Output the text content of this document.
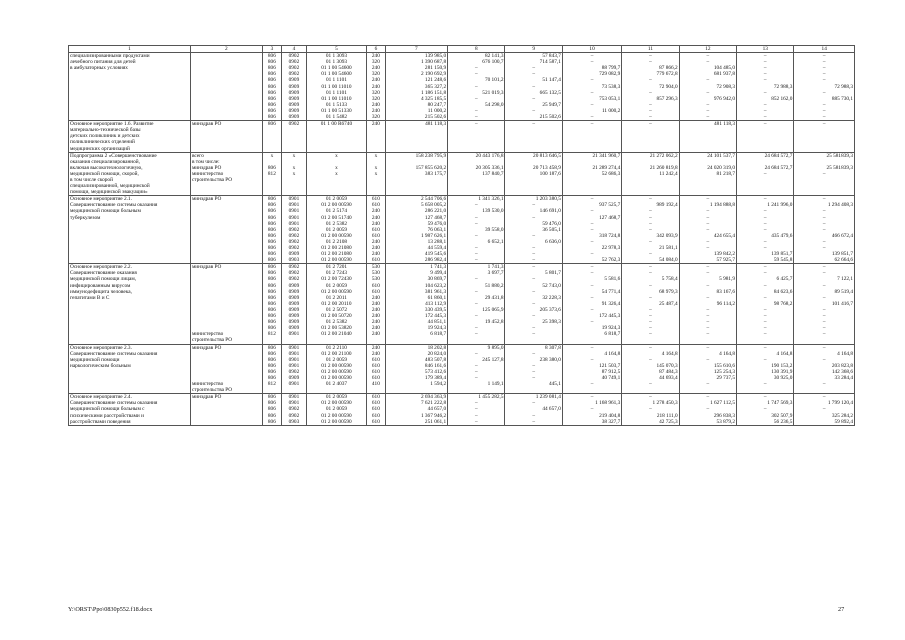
1	2	3	4	5	6	7	8	9	10	11	12	13	14
специализированными продуктами		806	0902	01 1 3093	240	139 985,0	82 141,3	57 843,7	–	–	–	–	–
лечебного питания для детей		806	0902	01 1 3093	320	1 390 687,8	676 100,7	714 587,1	–	–	–	–	–
в амбулаторных условиях		806	0902	01 1 00 54600	240	281 150,9	–	–	88 799,7	87 866,2	104 485,0	–	–
		806	0902	01 1 00 54600	320	2 190 692,9	–	–	729 082,9	779 672,8	681 937,8	–	–
		806	0909	01 1 1101	240	121 248,6	70 101,2	51 147,4	–	–	–	–	–
		806	0909	01 1 00 11010	240	365 327,2	–	–	73 538,3	72 904,0	72 908,3	72 988,3	72 988,3
		806	0909	01 1 1101	320	1 186 151,8	521 019,3	665 132,5	–	–	–	–	–
		806	0909	01 1 00 11010	320	4 325 185,5	–	–	753 053,1	857 296,3	976 942,0	852 162,0	885 730,1
		806	0909	01 1 5133	240	80 247,7	54 298,0	25 949,7	–	–	–	–	–
		806	0909	01 1 00 51330	240	11 000,2	–	–	11 000,2	–	–	–	–
		806	0909	01 1 5482	320	215 502,6	–	215 502,6	–	–	–	–	–
Основное мероприятие 1.6. Развитие	минздрав РО	806	0902	01 1 00 R6740	240	481 118,3	–	–	–	–	481 118,3	–	–
материально-технической базы													
детских поликлиник и детских													
поликлинических отделений													
медицинских организаций													
Подпрограмма 2 «Совершенствование	всего	x	x	x	x	158 238 795,9	20 443 176,8	20 813 646,5	21 341 960,7	21 272 062,2	24 101 537,7	24 684 572,7	25 581839,3
оказания специализированной,	в том числе:												
включая высокотехнологичную,	минздрав РО	806	x	x	x	157 855 620,2	20 305 336,1	20 713 458,9	21 289 274,4	21 260 819,8	24 020 319,0	24 684 572,7	25 581839,3
медицинской помощи, скорой,	министерство	812	x	x	x	383 175,7	137 840,7	100 187,6	52 686,3	11 242,4	81 218,7	–	–
в том числе скорой	строительства РО												
специализированной, медицинской													
помощи, медицинской эвакуации»													
Основное мероприятие 2.1.	минздрав РО	806	0901	01 2 0059	610	2 544 706,6	1 341 326,1	1 203 380,5	–	–	–	–	–
Совершенствование системы оказания		806	0901	01 2 00 00590	610	5 658 005,2	–	–	937 525,7	989 192,4	1 194 888,8	1 241 996,0	1 294 408,3
медицинской помощи больным		806	0901	01 2 5174	240	286 221,0	139 530,0	146 691,0	–	–	–	–	–
туберкулезом		806	0901	01 2 00 51740	240	127 468,7	–	–	127 468,7	–	–	–	–
		806	0901	01 2 5382	240	59 476,0	–	59 476,0	–	–	–	–	–
		806	0902	01 2 0059	610	76 063,1	39 558,0	36 505,1	–	–	–	–	–
		806	0902	01 2 00 00590	610	1 987 626,1	–	–	318 724,8	342 093,9	424 655,4	435 479,6	466 672,4
		806	0902	01 2 2108	240	13 288,1	6 652,1	6 636,0	–	–	–	–	–
		806	0902	01 2 00 21080	240	44 559,4	–	–	22 978,3	21 581,1	–	–	–
		806	0909	01 2 00 21080	240	419 545,6	–	–	–	–	139 842,2	139 851,7	139 851,7
		806	0903	01 2 00 00590	610	286 982,4	–	–	52 762,3	54 084,0	57 925,7	59 545,8	62 664,6
Основное мероприятие 2.2.	минздрав РО	806	0902	01 2 7201	530	1 741,3	1 741,3	–	–	–	–	–	–
Совершенствование оказания		806	0902	01 2 7243	530	9 499,4	3 697,7	5 801,7	–	–	–	–	–
медицинской помощи лицам,		806	0902	01 2 00 72430	530	30 869,7	–	–	5 581,6	5 758,4	5 981,9	6 425,7	7 122,1
инфицированным вирусом		806	0909	01 2 0059	610	104 623,2	51 880,2	52 743,0	–	–	–	–	–
иммунодефицита человека,		806	0909	01 2 00 00590	610	381 961,3	–	–	54 771,4	68 979,3	83 167,6	84 623,6	89 519,4
гепатитами В и С		806	0909	01 2 2011	240	61 860,1	29 431,8	32 228,3	–	–	–	–	–
		806	0909	01 2 00 20110	240	413 112,9	–	–	91 326,4	25 487,4	96 114,2	98 768,2	101 416,7
		806	0909	01 2 5072	240	330 439,5	125 065,9	205 373,6	–	–	–	–	–
		806	0909	01 2 00 50720	240	172 445,3	–	–	172 445,3	–	–	–	–
		806	0909	01 2 5382	240	44 851,1	19 452,8	25 398,3	–	–	–	–	–
		806	0909	01 2 00 53820	240	19 924,3	–	–	19 924,3	–	–	–	–
	министерство	812	0901	01 2 00 21040	240	6 818,7	–	–	6 818,7	–	–	–	–
	строительства РО												
Основное мероприятие 2.3.	минздрав РО	806	0901	01 2 2110	240	18 202,8	9 895,0	8 307,8	–	–	–	–	–
Совершенствование системы оказания		806	0901	01 2 00 21100	240	20 824,0	–	–	4 164,8	4 164,8	4 164,8	4 164,8	4 164,8
медицинской помощи		806	0901	01 2 0059	610	483 507,8	245 127,8	238 380,0	–	–	–	–	–
наркологическим больным		806	0901	01 2 00 00590	610	846 161,6	–	–	121 503,7	145 070,3	155 610,6	190 153,2	203 823,8
		806	0902	01 2 00 00590	610	573 412,6	–	–	87 912,5	87 484,3	125 254,3	130 391,9	142 368,6
		806	0909	01 2 00 00590	610	179 389,4	–	–	40 749,1	44 693,4	29 737,5	30 925,0	33 284,4
	министерство	812	0901	01 2 4037	410	1 594,2	1 149,1	445,1	–	–	–	–	–
	строительства РО												
Основное мероприятие 2.4.	минздрав РО	806	0901	01 2 0059	610	2 694 363,9	1 455 282,5	1 239 081,4	–	–	–	–	–
Совершенствование системы оказания		806	0901	01 2 00 00590	610	7 621 222,8	–	–	1 168 961,3	1 278 450,3	1 627 112,5	1 747 569,3	1 799 120,4
медицинской помощи больным с		806	0902	01 2 0059	610	44 657,0	–	44 657,0	–	–	–	–	–
психическими расстройствами и		806	0902	01 2 00 00590	610	1 367 946,2	–	–	219 404,8	218 111,0	296 838,3	302 507,9	325 284,2
расстройствами поведения		806	0903	01 2 00 00590	610	251 061,1	–	–	38 327,7	42 725,3	53 879,2	56 236,5	59 892,4
Y:\ORST\Ppo\0830p552.f18.docx	27
